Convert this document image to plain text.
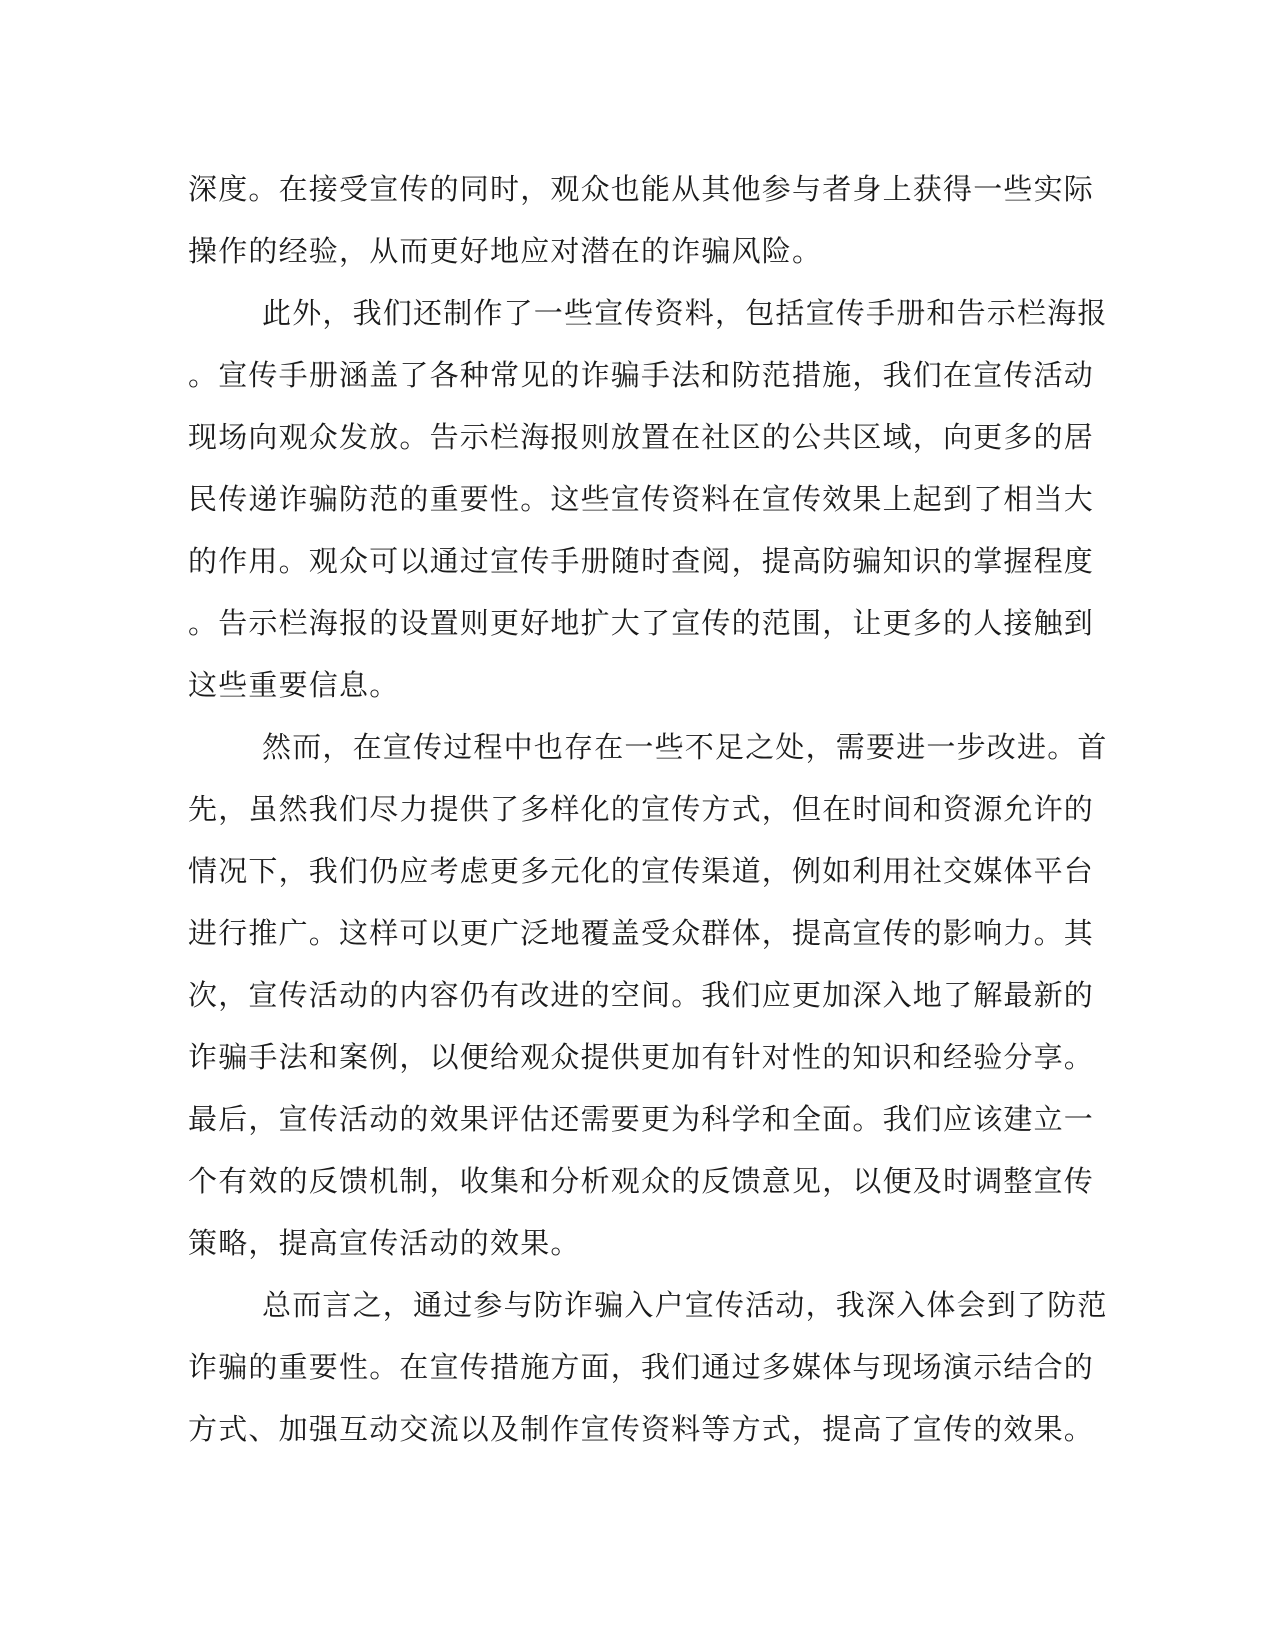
深度。在接受宣传的同时，观众也能从其他参与者身上获得一些实际
操作的经验，从而更好地应对潜在的诈骗风险。
此外，我们还制作了一些宣传资料，包括宣传手册和告示栏海报
。宣传手册涵盖了各种常见的诈骗手法和防范措施，我们在宣传活动
现场向观众发放。告示栏海报则放置在社区的公共区域，向更多的居
民传递诈骗防范的重要性。这些宣传资料在宣传效果上起到了相当大
的作用。观众可以通过宣传手册随时查阅，提高防骗知识的掌握程度
。告示栏海报的设置则更好地扩大了宣传的范围，让更多的人接触到
这些重要信息。
然而，在宣传过程中也存在一些不足之处，需要进一步改进。首
先，虽然我们尽力提供了多样化的宣传方式，但在时间和资源允许的
情况下，我们仍应考虑更多元化的宣传渠道，例如利用社交媒体平台
进行推广。这样可以更广泛地覆盖受众群体，提高宣传的影响力。其
次，宣传活动的内容仍有改进的空间。我们应更加深入地了解最新的
诈骗手法和案例，以便给观众提供更加有针对性的知识和经验分享。
最后，宣传活动的效果评估还需要更为科学和全面。我们应该建立一
个有效的反馈机制，收集和分析观众的反馈意见，以便及时调整宣传
策略，提高宣传活动的效果。
总而言之，通过参与防诈骗入户宣传活动，我深入体会到了防范
诈骗的重要性。在宣传措施方面，我们通过多媒体与现场演示结合的
方式、加强互动交流以及制作宣传资料等方式，提高了宣传的效果。
